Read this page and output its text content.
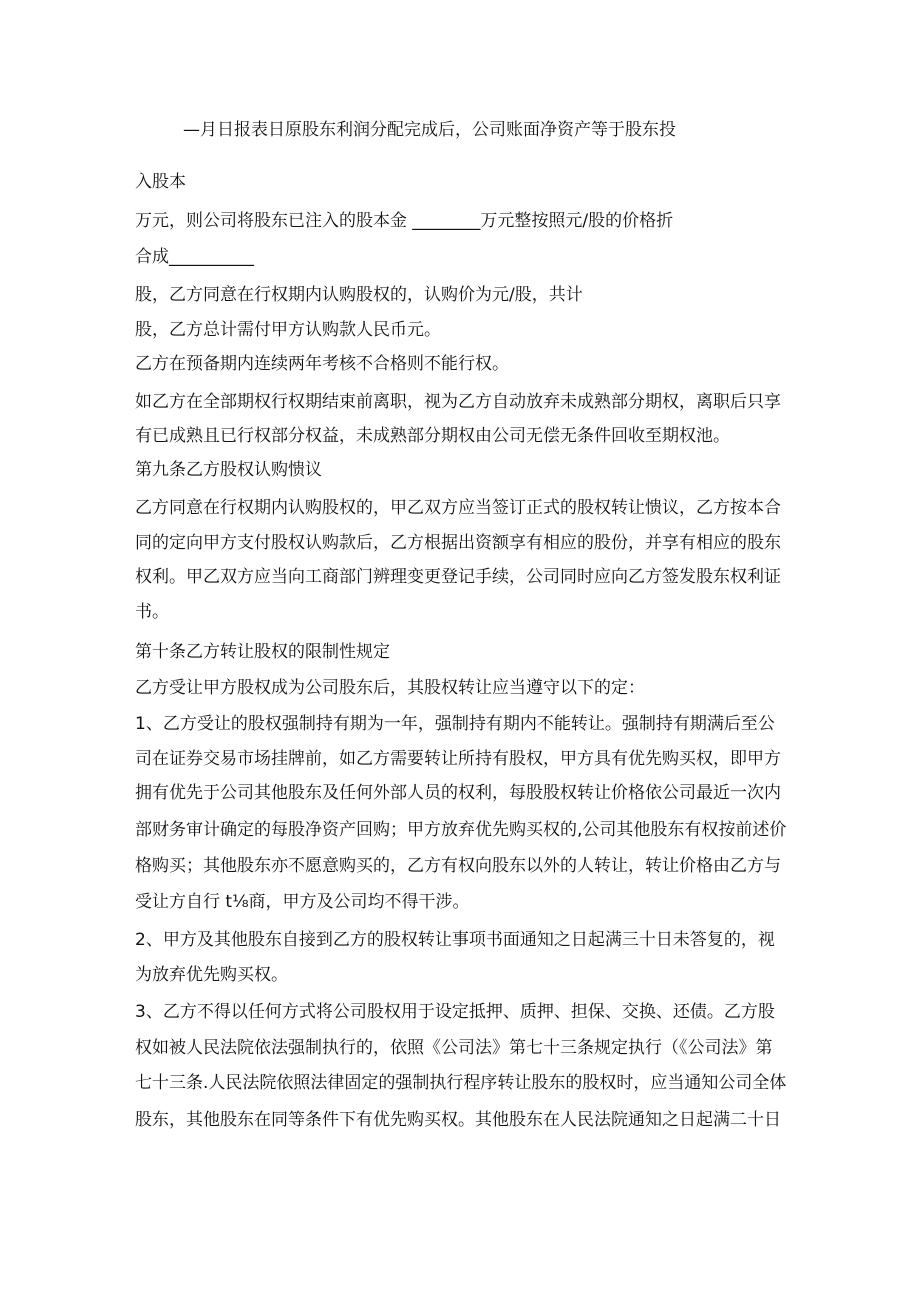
—月日报表日原股东利润分配完成后，公司账面净资产等于股东投
入股本
万元，则公司将股东已注入的股本金 ________万元整按照元/股的价格折
合成__________
股，乙方同意在行权期内认购股权的，认购价为元/股，共计
股，乙方总计需付甲方认购款人民币元。
乙方在预备期内连续两年考核不合格则不能行权。
如乙方在全部期权行权期结束前离职，视为乙方自动放弃未成熟部分期权，离职后只享
有已成熟且已行权部分权益，未成熟部分期权由公司无偿无条件回收至期权池。
第九条乙方股权认购愦议
乙方同意在行权期内认购股权的，甲乙双方应当签订正式的股权转让愦议，乙方按本合
同的定向甲方支付股权认购款后，乙方根据出资额享有相应的股份，并享有相应的股东
权利。甲乙双方应当向工商部门辨理变更登记手续，公司同时应向乙方签发股东权利证
书。
第十条乙方转让股权的限制性规定
乙方受让甲方股权成为公司股东后，其股权转让应当遵守以下的定：
1、乙方受让的股权强制持有期为一年，强制持有期内不能转让。强制持有期满后至公
司在证券交易市场挂牌前，如乙方需要转让所持有股权，甲方具有优先购买权，即甲方
拥有优先于公司其他股东及任何外部人员的权利，每股股权转让价格依公司最近一次内
部财务审计确定的每股净资产回购；甲方放弃优先购买权的,公司其他股东有权按前述价
格购买；其他股东亦不愿意购买的，乙方有权向股东以外的人转让，转让价格由乙方与
受让方自行 t⅛商，甲方及公司均不得干涉。
2、甲方及其他股东自接到乙方的股权转让事项书面通知之日起满三十日未答复的，视
为放弃优先购买权。
3、乙方不得以任何方式将公司股权用于设定抵押、质押、担保、交换、还债。乙方股
权如被人民法院依法强制执行的，依照《公司法》第七十三条规定执行（《公司法》第
七十三条.人民法院依照法律固定的强制执行程序转让股东的股权时，应当通知公司全体
股东，其他股东在同等条件下有优先购买权。其他股东在人民法院通知之日起满二十日
